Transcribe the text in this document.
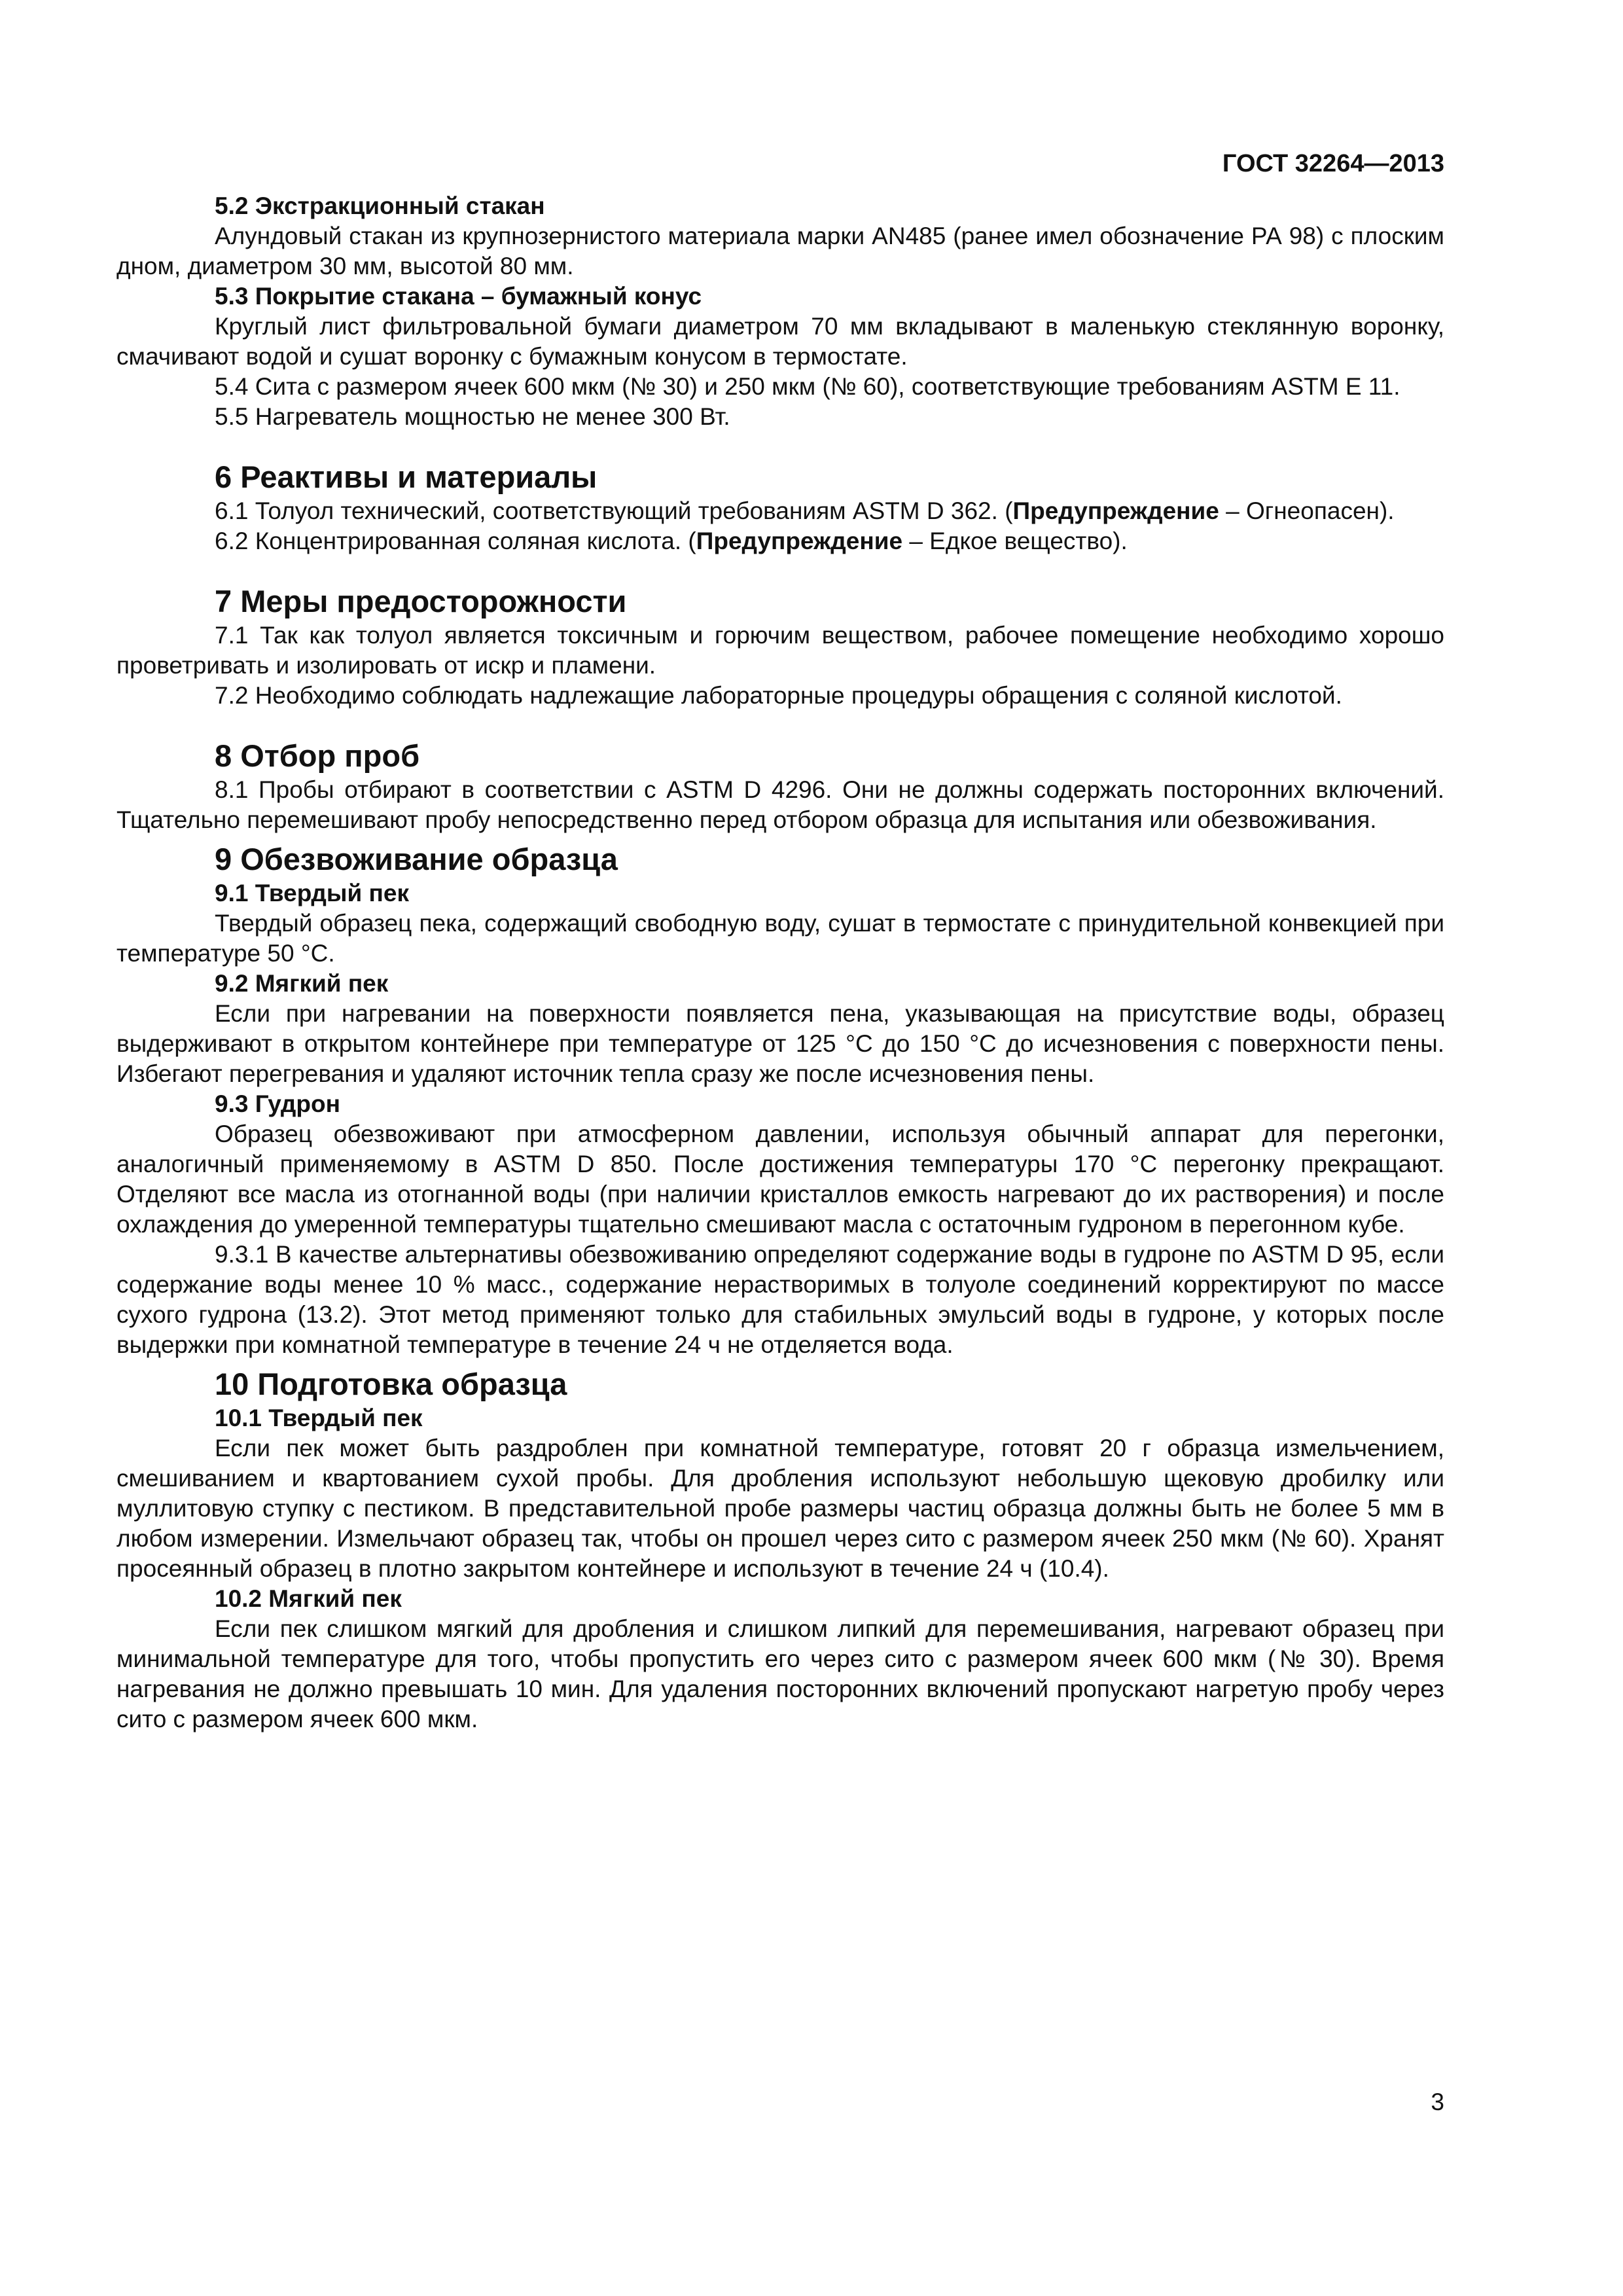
ГОСТ 32264—2013
5.2 Экстракционный стакан

Алундовый стакан из крупнозернистого материала марки AN485 (ранее имел обозначение РА 98) с плоским дном, диаметром 30 мм, высотой 80 мм.

5.3 Покрытие стакана – бумажный конус

Круглый лист фильтровальной бумаги диаметром 70 мм вкладывают в маленькую стеклянную воронку, смачивают водой и сушат воронку с бумажным конусом в термостате.

5.4 Сита с размером ячеек 600 мкм (№ 30) и 250 мкм (№ 60), соответствующие требованиям ASTM E 11.

5.5 Нагреватель мощностью не менее 300 Вт.

6 Реактивы и материалы

6.1 Толуол технический, соответствующий требованиям ASTM D 362. (Предупреждение – Огнеопасен).

6.2 Концентрированная соляная кислота. (Предупреждение – Едкое вещество).

7 Меры предосторожности

7.1 Так как толуол является токсичным и горючим веществом, рабочее помещение необходимо хорошо проветривать и изолировать от искр и пламени.

7.2 Необходимо соблюдать надлежащие лабораторные процедуры обращения с соляной кислотой.

8 Отбор проб

8.1 Пробы отбирают в соответствии с ASTM D 4296. Они не должны содержать посторонних включений. Тщательно перемешивают пробу непосредственно перед отбором образца для испытания или обезвоживания.

9 Обезвоживание образца
9.1 Твердый пек

Твердый образец пека, содержащий свободную воду, сушат в термостате с принудительной конвекцией при температуре 50 °С.

9.2 Мягкий пек

Если при нагревании на поверхности появляется пена, указывающая на присутствие воды, образец выдерживают в открытом контейнере при температуре от 125 °С до 150 °С до исчезновения с поверхности пены. Избегают перегревания и удаляют источник тепла сразу же после исчезновения пены.

9.3 Гудрон

Образец обезвоживают при атмосферном давлении, используя обычный аппарат для перегонки, аналогичный применяемому в ASTM D 850. После достижения температуры 170 °С перегонку прекращают. Отделяют все масла из отогнанной воды (при наличии кристаллов емкость нагревают до их растворения) и после охлаждения до умеренной температуры тщательно смешивают масла с остаточным гудроном в перегонном кубе.

9.3.1 В качестве альтернативы обезвоживанию определяют содержание воды в гудроне по ASTM D 95, если содержание воды менее 10 % масс., содержание нерастворимых в толуоле соединений корректируют по массе сухого гудрона (13.2). Этот метод применяют только для стабильных эмульсий воды в гудроне, у которых после выдержки при комнатной температуре в течение 24 ч не отделяется вода.

10 Подготовка образца
10.1 Твердый пек

Если пек может быть раздроблен при комнатной температуре, готовят 20 г образца измельчением, смешиванием и квартованием сухой пробы. Для дробления используют небольшую щековую дробилку или муллитовую ступку с пестиком. В представительной пробе размеры частиц образца должны быть не более 5 мм в любом измерении. Измельчают образец так, чтобы он прошел через сито с размером ячеек 250 мкм (№ 60). Хранят просеянный образец в плотно закрытом контейнере и используют в течение 24 ч (10.4).

10.2 Мягкий пек

Если пек слишком мягкий для дробления и слишком липкий для перемешивания, нагревают образец при минимальной температуре для того, чтобы пропустить его через сито с размером ячеек 600 мкм (№ 30). Время нагревания не должно превышать 10 мин. Для удаления посторонних включений пропускают нагретую пробу через сито с размером ячеек 600 мкм.

3
